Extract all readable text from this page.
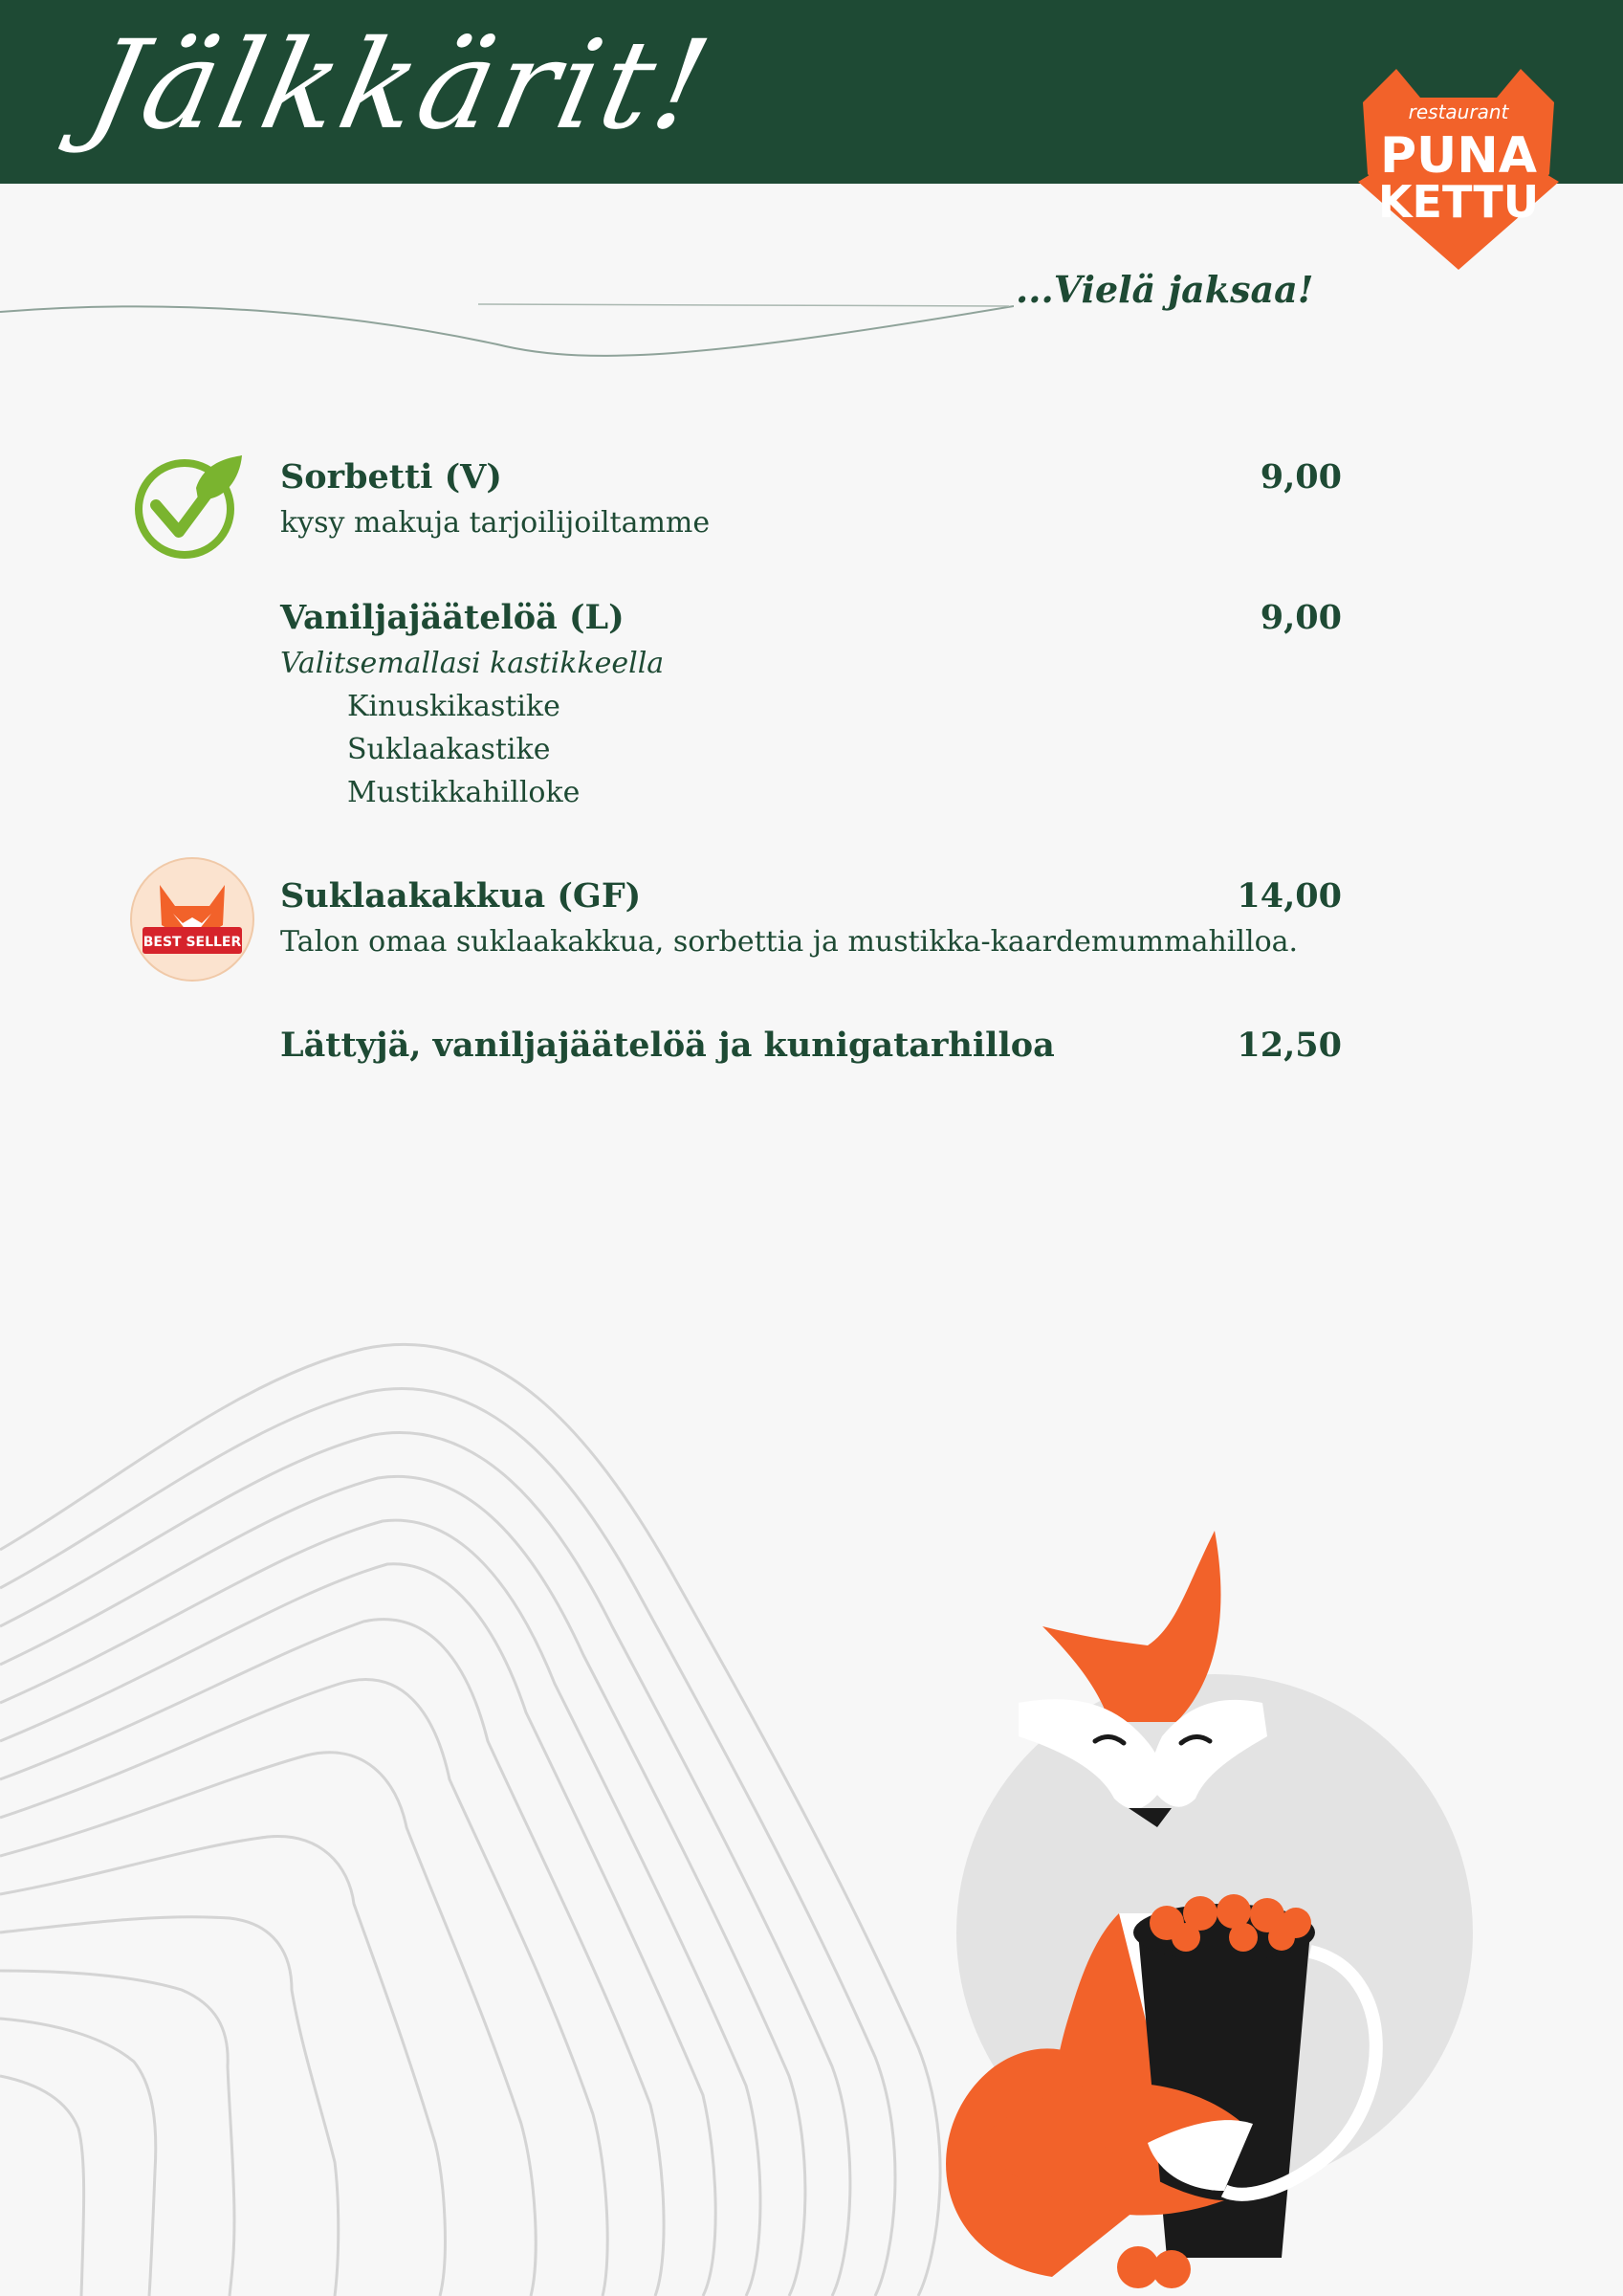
Jälkkärit!	restaurant
PUNA
KETTU
...Vielä jaksaa!
Sorbetti (V)	9,00
kysy makuja tarjoilijoiltamme
Vaniljajäätelöä (L)	9,00
Valitsemallasi kastikkeella
Kinuskikastike
Suklaakastike
Mustikkahilloke
BEST SELLER
Suklaakakkua (GF)	14,00
Talon omaa suklaakakkua, sorbettia ja mustikka-kaardemummahilloa.
Lättyjä, vaniljajäätelöä ja kunigatarhilloa	12,50
